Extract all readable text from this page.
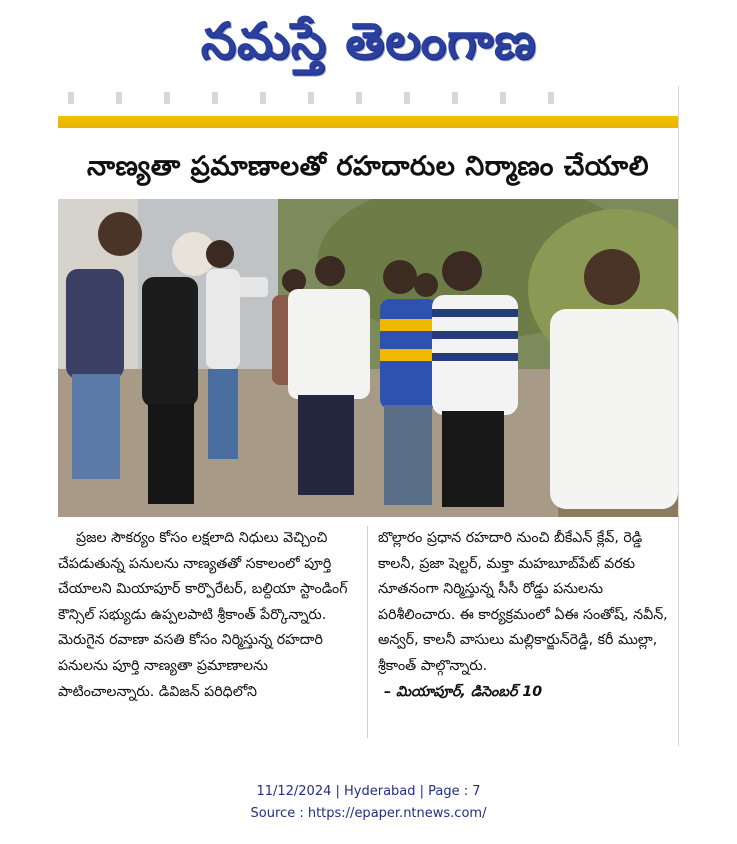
నమస్తే తెలంగాణ
నాణ్యతా ప్రమాణాలతో రహదారుల నిర్మాణం చేయాలి

ప్రజల సౌకర్యం కోసం లక్షలాది నిధులు వెచ్చించి చేపడుతున్న పనులను నాణ్యతతో సకాలంలో పూర్తి చేయాలని మియాపూర్ కార్పొరేటర్, బల్దియా స్టాండింగ్ కౌన్సిల్ సభ్యుడు ఉప్పలపాటి శ్రీకాంత్ పేర్కొన్నారు. మెరుగైన రవాణా వసతి కోసం నిర్మిస్తున్న రహదారి పనులను పూర్తి నాణ్యతా ప్రమాణాలను పాటించాలన్నారు. డివిజన్ పరిధిలోని

బొల్లారం ప్రధాన రహదారి నుంచి బీకేఎన్ క్లేవ్, రెడ్డి కాలనీ, ప్రజా షెల్టర్, మక్తా మహబూబ్‌పేట్ వరకు నూతనంగా నిర్మిస్తున్న సీసీ రోడ్డు పనులను పరిశీలించారు. ఈ కార్యక్రమంలో ఏఈ సంతోష్, నవీన్, అన్వర్, కాలనీ వాసులు మల్లికార్జున్‌రెడ్డి, కరీ ముల్లా, శ్రీకాంత్ పాల్గొన్నారు.

– మియాపూర్, డిసెంబర్ 10

11/12/2024 | Hyderabad | Page : 7
Source : https://epaper.ntnews.com/
